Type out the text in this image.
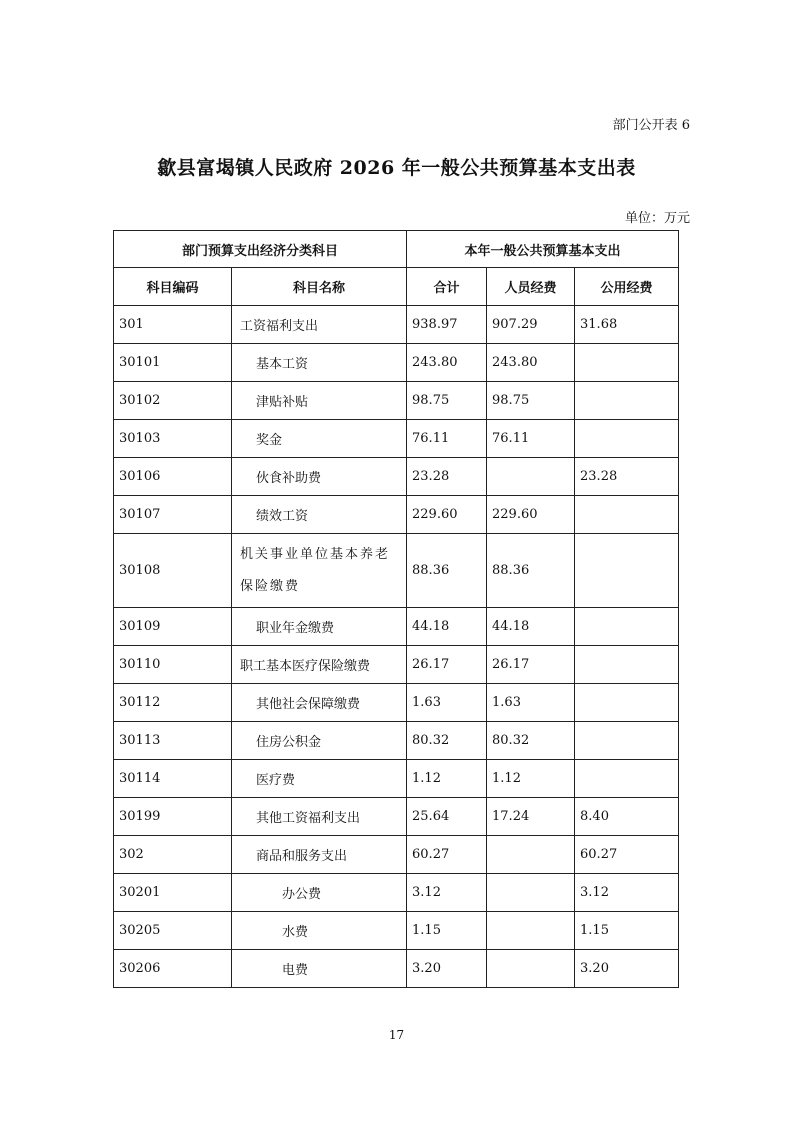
部门公开表 6
歙县富堨镇人民政府 2026 年一般公共预算基本支出表
单位：万元
部门预算支出经济分类科目		本年一般公共预算基本支出		
科目编码	科目名称	合计	人员经费	公用经费
301	工资福利支出	938.97	907.29	31.68
30101	基本工资	243.80	243.80	
30102	津贴补贴	98.75	98.75	
30103	奖金	76.11	76.11	
30106	伙食补助费	23.28		23.28
30107	绩效工资	229.60	229.60	
30108	机关事业单位基本养老保险缴费	88.36	88.36	
30109	职业年金缴费	44.18	44.18	
30110	职工基本医疗保险缴费	26.17	26.17	
30112	其他社会保障缴费	1.63	1.63	
30113	住房公积金	80.32	80.32	
30114	医疗费	1.12	1.12	
30199	其他工资福利支出	25.64	17.24	8.40
302	商品和服务支出	60.27		60.27
30201	办公费	3.12		3.12
30205	水费	1.15		1.15
30206	电费	3.20		3.20
17
